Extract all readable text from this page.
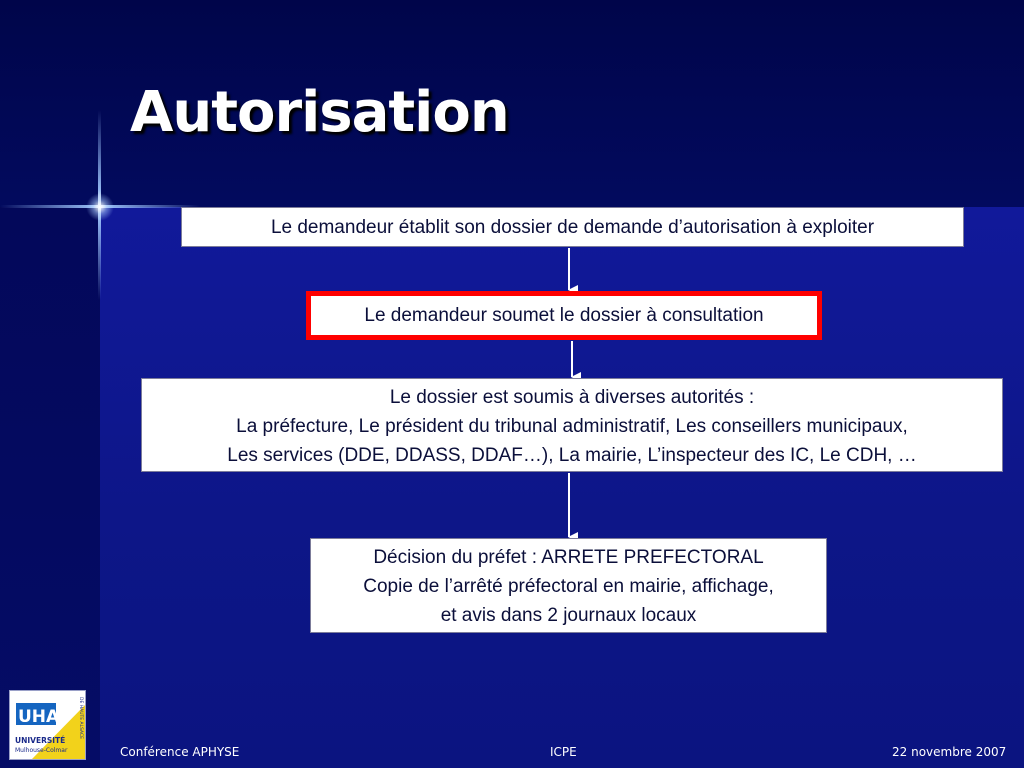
Autorisation
Le demandeur établit son dossier de demande d’autorisation à exploiter
Le demandeur soumet le dossier à consultation
Le dossier est soumis à diverses autorités :
La préfecture, Le président du tribunal administratif, Les conseillers municipaux,
Les services (DDE, DDASS, DDAF…), La mairie, L’inspecteur des IC, Le CDH, …
Décision du préfet : ARRETE PREFECTORAL
Copie de l’arrêté préfectoral en mairie, affichage,
et avis dans 2 journaux locaux
UHA
UNIVERSITÉ
Mulhouse-Colmar
DE HAUTE ALSACE
Conférence APHYSE	ICPE	22 novembre 2007
